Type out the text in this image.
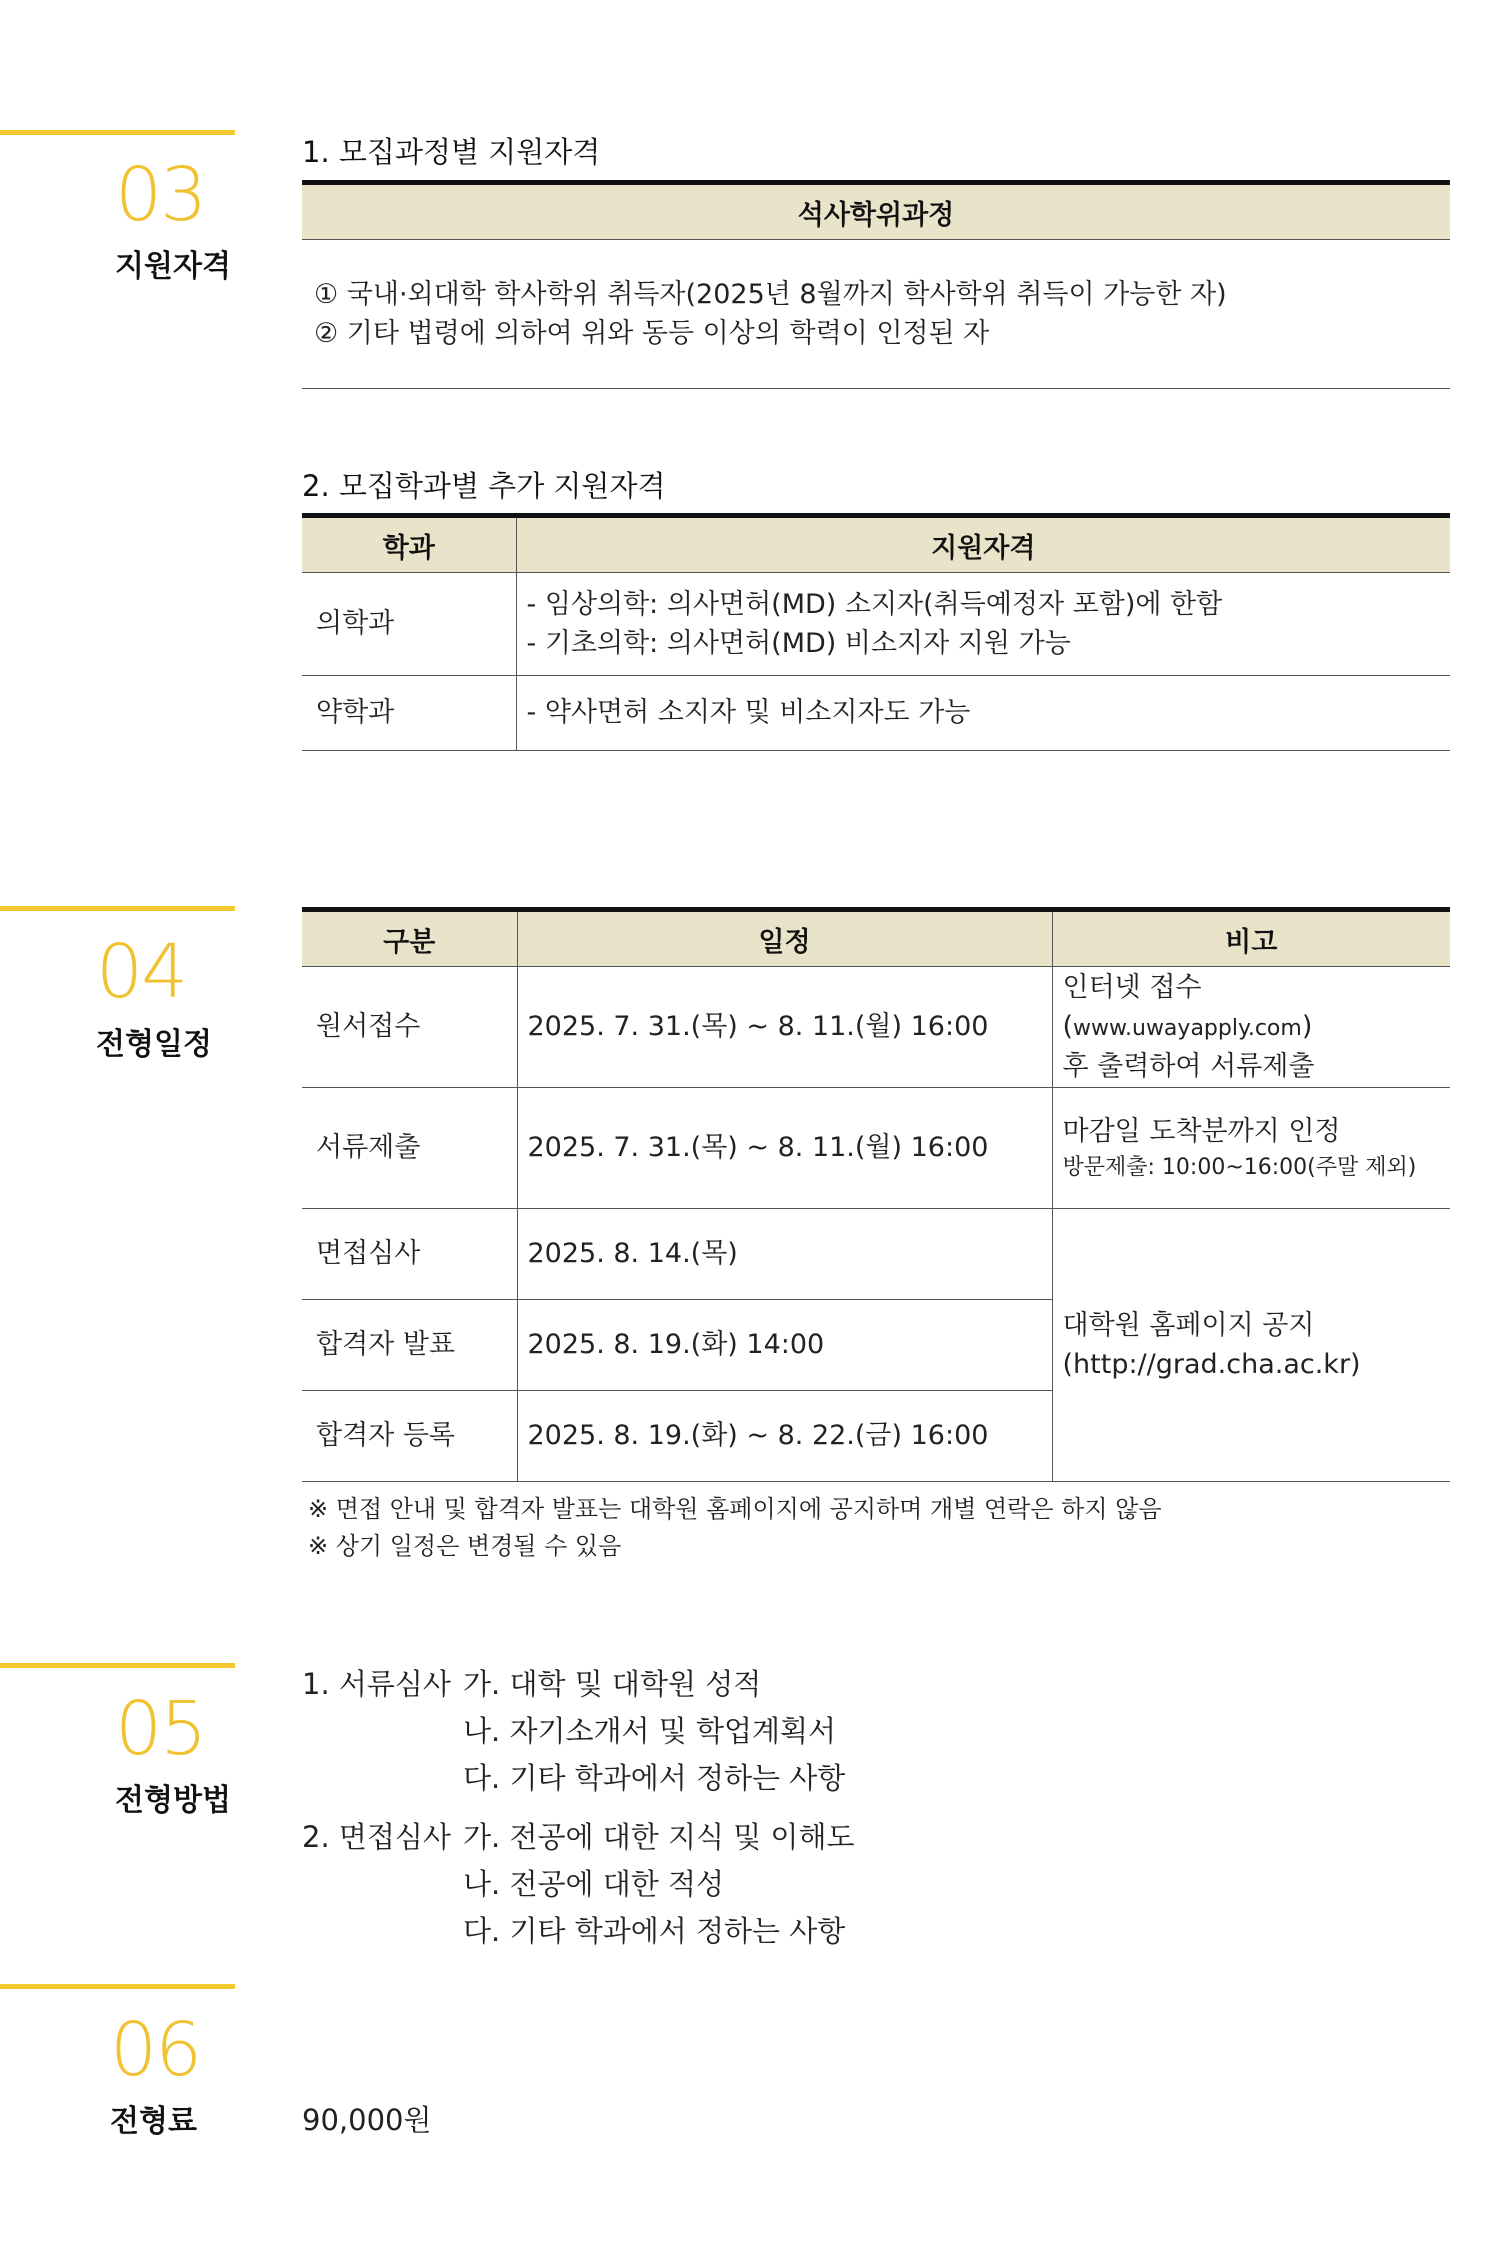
03
지원자격
1. 모집과정별 지원자격
석사학위과정

① 국내·외대학 학사학위 취득자(2025년 8월까지 학사학위 취득이 가능한 자)
② 기타 법령에 의하여 위와 동등 이상의 학력이 인정된 자
2. 모집학과별 추가 지원자격
학과	지원자격
의학과	- 임상의학: 의사면허(MD) 소지자(취득예정자 포함)에 한함
- 기초의학: 의사면허(MD) 비소지자 지원 가능

약학과	- 약사면허 소지자 및 비소지자도 가능
04
전형일정
구분	일정	비고
원서접수	2025. 7. 31.(목) ~ 8. 11.(월) 16:00	인터넷 접수(www.uwayapply.com)
후 출력하여 서류제출

서류제출	2025. 7. 31.(목) ~ 8. 11.(월) 16:00	마감일 도착분까지 인정
방문제출: 10:00~16:00(주말 제외)

면접심사	2025. 8. 14.(목)	대학원 홈페이지 공지
(http://grad.cha.ac.kr)

합격자 발표	2025. 8. 19.(화) 14:00	
합격자 등록	2025. 8. 19.(화) ~ 8. 22.(금) 16:00	
※ 면접 안내 및 합격자 발표는 대학원 홈페이지에 공지하며 개별 연락은 하지 않음
※ 상기 일정은 변경될 수 있음
05
전형방법
1. 서류심사 가. 대학 및 대학원 성적
나. 자기소개서 및 학업계획서
다. 기타 학과에서 정하는 사항
2. 면접심사 가. 전공에 대한 지식 및 이해도
나. 전공에 대한 적성
다. 기타 학과에서 정하는 사항
06
전형료	90,000원
